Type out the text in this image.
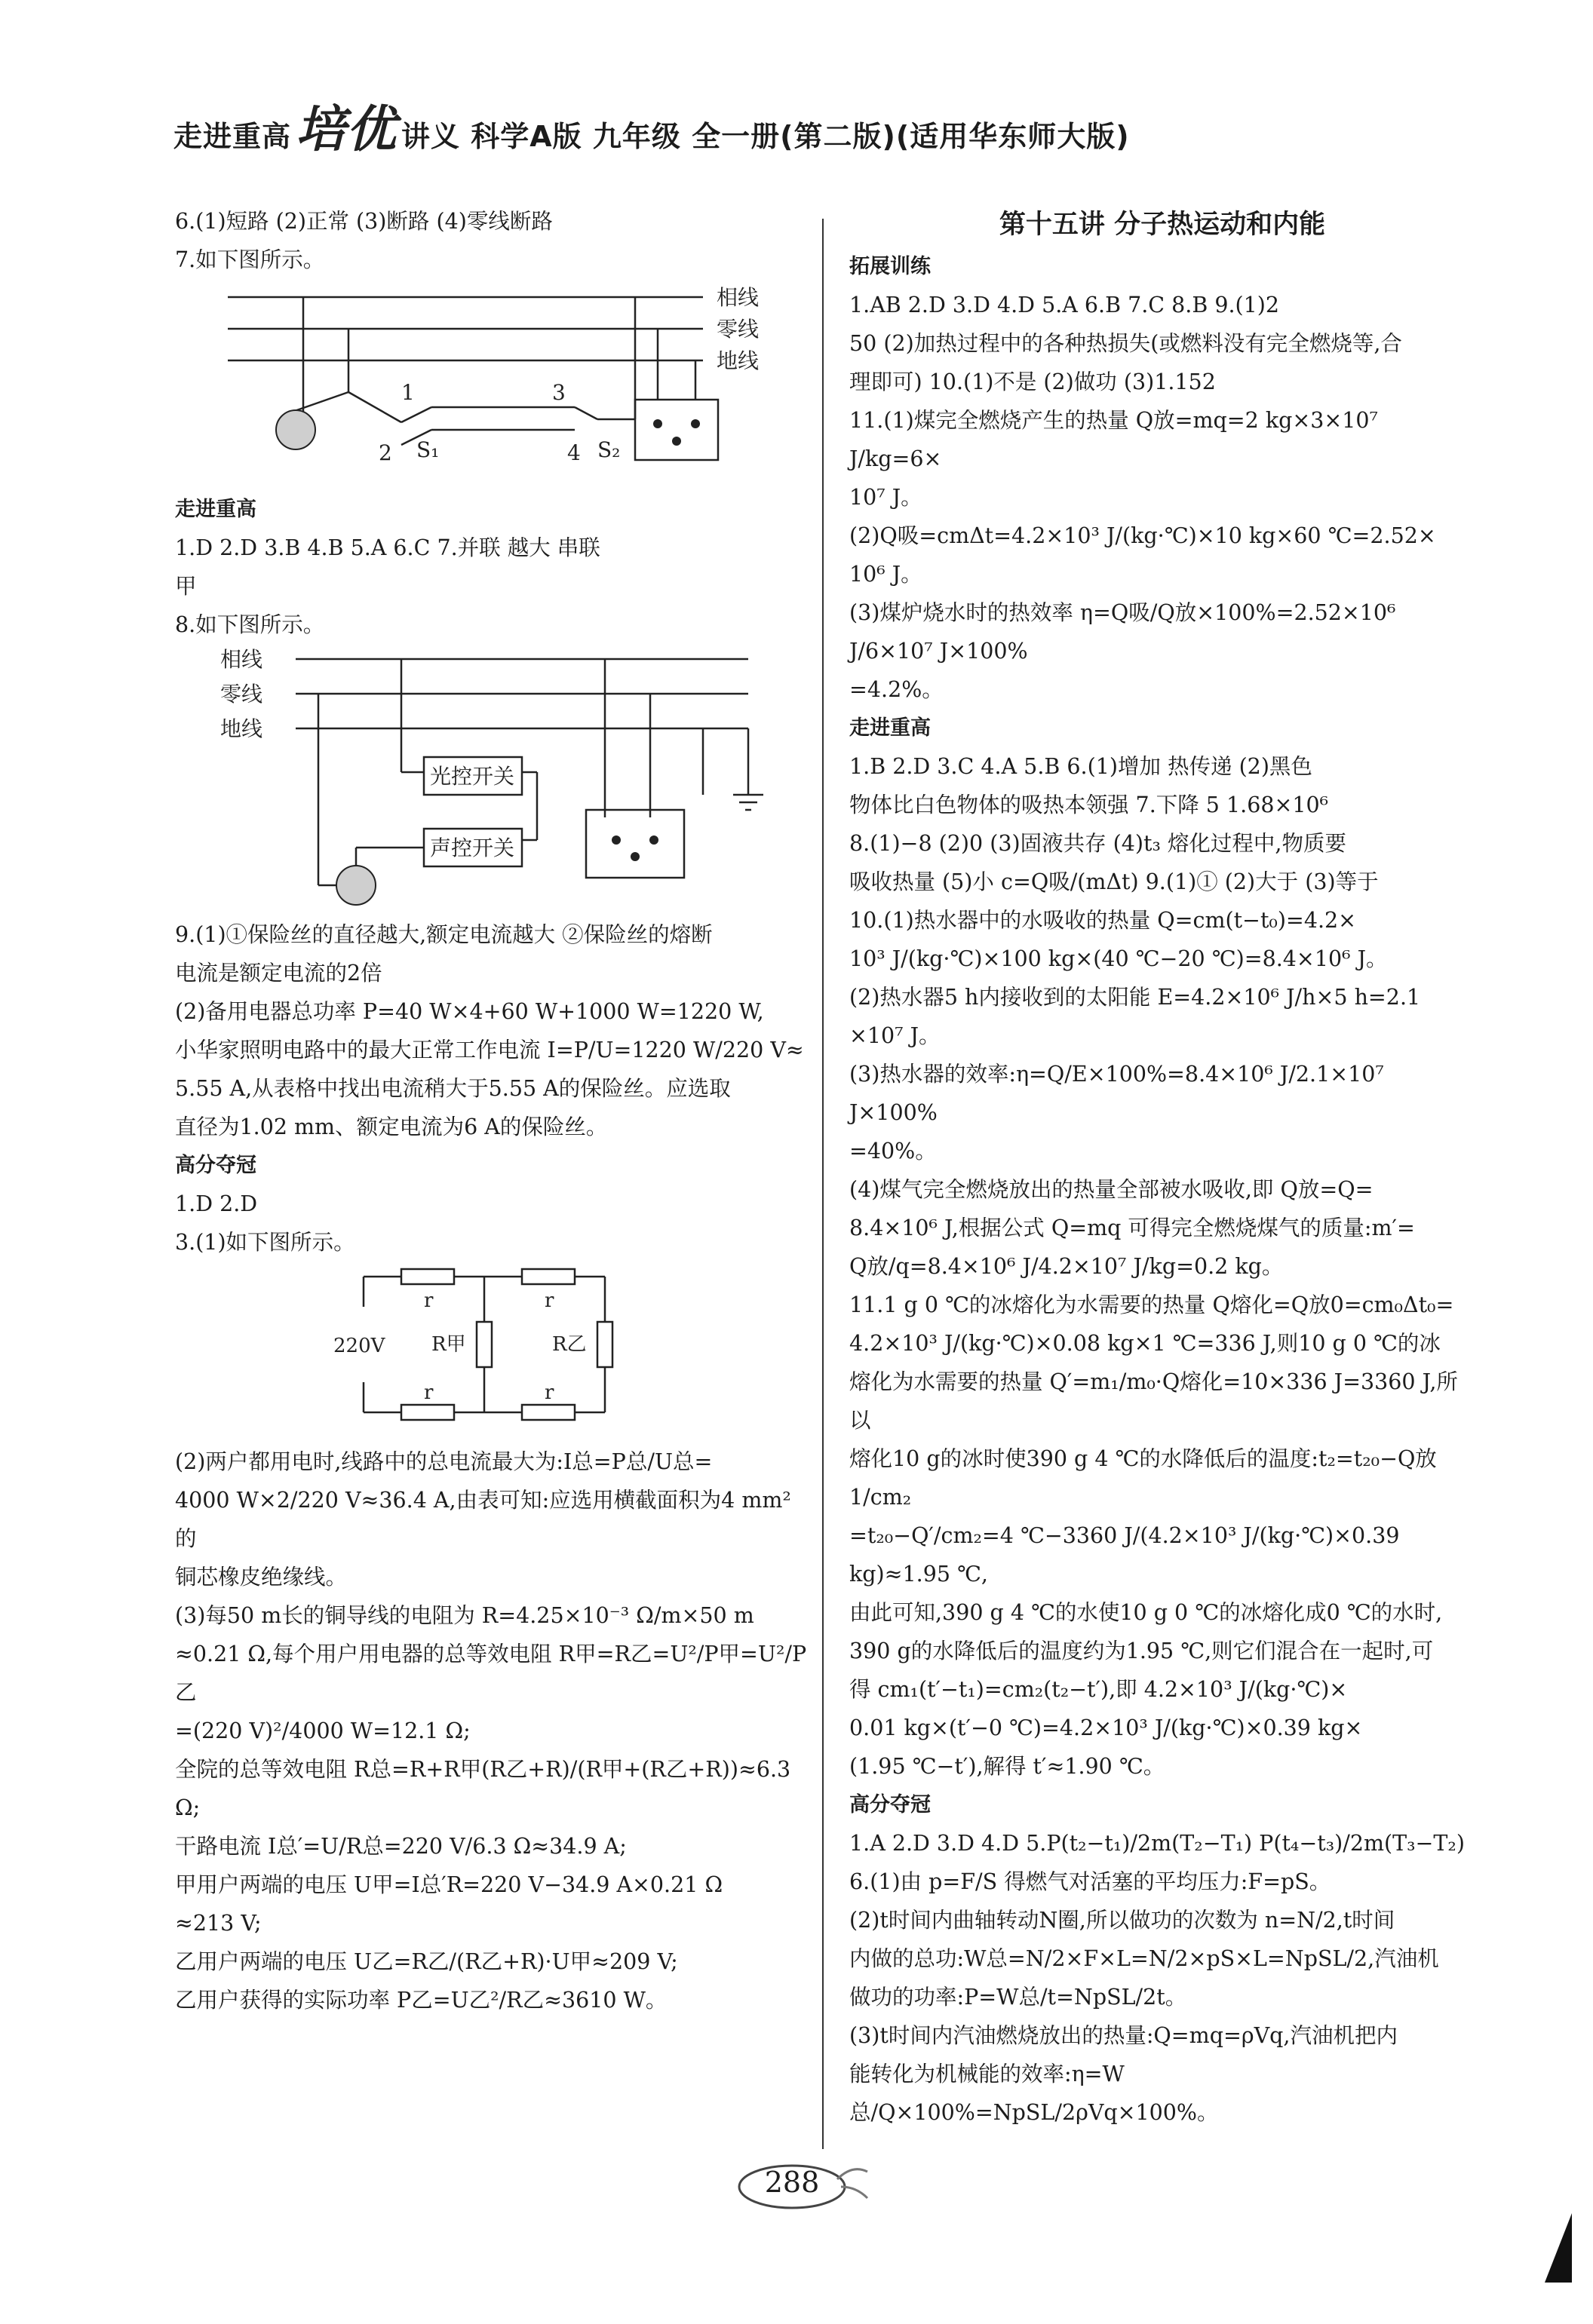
走进重高培优 讲义 科学A版 九年级 全一册(第二版)(适用华东师大版)

6.(1)短路 (2)正常 (3)断路 (4)零线断路

7.如下图所示。

相线
零线
地线
1
2
3
4
S₁	S₂

走进重高

1.D 2.D 3.B 4.B 5.A 6.C 7.并联 越大 串联

甲

8.如下图所示。

相线
零线
地线
光控开关
声控开关

9.(1)①保险丝的直径越大,额定电流越大 ②保险丝的熔断

电流是额定电流的2倍

(2)备用电器总功率 P=40 W×4+60 W+1000 W=1220 W,

小华家照明电路中的最大正常工作电流 I=P/U=1220 W/220 V≈

5.55 A,从表格中找出电流稍大于5.55 A的保险丝。应选取

直径为1.02 mm、额定电流为6 A的保险丝。

高分夺冠

1.D 2.D

3.(1)如下图所示。

220V
r	r
r	r
R甲	R乙

(2)两户都用电时,线路中的总电流最大为:I总=P总/U总=

4000 W×2/220 V≈36.4 A,由表可知:应选用横截面积为4 mm²的

铜芯橡皮绝缘线。

(3)每50 m长的铜导线的电阻为 R=4.25×10⁻³ Ω/m×50 m

≈0.21 Ω,每个用户用电器的总等效电阻 R甲=R乙=U²/P甲=U²/P乙

=(220 V)²/4000 W=12.1 Ω;

全院的总等效电阻 R总=R+R甲(R乙+R)/(R甲+(R乙+R))≈6.3 Ω;

干路电流 I总′=U/R总=220 V/6.3 Ω≈34.9 A;

甲用户两端的电压 U甲=I总′R=220 V−34.9 A×0.21 Ω

≈213 V;

乙用户两端的电压 U乙=R乙/(R乙+R)·U甲≈209 V;

乙用户获得的实际功率 P乙=U乙²/R乙≈3610 W。

第十五讲 分子热运动和内能

拓展训练

1.AB 2.D 3.D 4.D 5.A 6.B 7.C 8.B 9.(1)2

50 (2)加热过程中的各种热损失(或燃料没有完全燃烧等,合

理即可) 10.(1)不是 (2)做功 (3)1.152

11.(1)煤完全燃烧产生的热量 Q放=mq=2 kg×3×10⁷ J/kg=6×

10⁷ J。

(2)Q吸=cmΔt=4.2×10³ J/(kg·℃)×10 kg×60 ℃=2.52×

10⁶ J。

(3)煤炉烧水时的热效率 η=Q吸/Q放×100%=2.52×10⁶ J/6×10⁷ J×100%

=4.2%。

走进重高

1.B 2.D 3.C 4.A 5.B 6.(1)增加 热传递 (2)黑色

物体比白色物体的吸热本领强 7.下降 5 1.68×10⁶

8.(1)−8 (2)0 (3)固液共存 (4)t₃ 熔化过程中,物质要

吸收热量 (5)小 c=Q吸/(mΔt) 9.(1)① (2)大于 (3)等于

10.(1)热水器中的水吸收的热量 Q=cm(t−t₀)=4.2×

10³ J/(kg·℃)×100 kg×(40 ℃−20 ℃)=8.4×10⁶ J。

(2)热水器5 h内接收到的太阳能 E=4.2×10⁶ J/h×5 h=2.1

×10⁷ J。

(3)热水器的效率:η=Q/E×100%=8.4×10⁶ J/2.1×10⁷ J×100%

=40%。

(4)煤气完全燃烧放出的热量全部被水吸收,即 Q放=Q=

8.4×10⁶ J,根据公式 Q=mq 可得完全燃烧煤气的质量:m′=

Q放/q=8.4×10⁶ J/4.2×10⁷ J/kg=0.2 kg。

11.1 g 0 ℃的冰熔化为水需要的热量 Q熔化=Q放0=cm₀Δt₀=

4.2×10³ J/(kg·℃)×0.08 kg×1 ℃=336 J,则10 g 0 ℃的冰

熔化为水需要的热量 Q′=m₁/m₀·Q熔化=10×336 J=3360 J,所以

熔化10 g的冰时使390 g 4 ℃的水降低后的温度:t₂=t₂₀−Q放1/cm₂

=t₂₀−Q′/cm₂=4 ℃−3360 J/(4.2×10³ J/(kg·℃)×0.39 kg)≈1.95 ℃,

由此可知,390 g 4 ℃的水使10 g 0 ℃的冰熔化成0 ℃的水时,

390 g的水降低后的温度约为1.95 ℃,则它们混合在一起时,可

得 cm₁(t′−t₁)=cm₂(t₂−t′),即 4.2×10³ J/(kg·℃)×

0.01 kg×(t′−0 ℃)=4.2×10³ J/(kg·℃)×0.39 kg×

(1.95 ℃−t′),解得 t′≈1.90 ℃。

高分夺冠

1.A 2.D 3.D 4.D 5.P(t₂−t₁)/2m(T₂−T₁) P(t₄−t₃)/2m(T₃−T₂)

6.(1)由 p=F/S 得燃气对活塞的平均压力:F=pS。

(2)t时间内曲轴转动N圈,所以做功的次数为 n=N/2,t时间

内做的总功:W总=N/2×F×L=N/2×pS×L=NpSL/2,汽油机

做功的功率:P=W总/t=NpSL/2t。

(3)t时间内汽油燃烧放出的热量:Q=mq=ρVq,汽油机把内

能转化为机械能的效率:η=W总/Q×100%=NpSL/2ρVq×100%。

288
